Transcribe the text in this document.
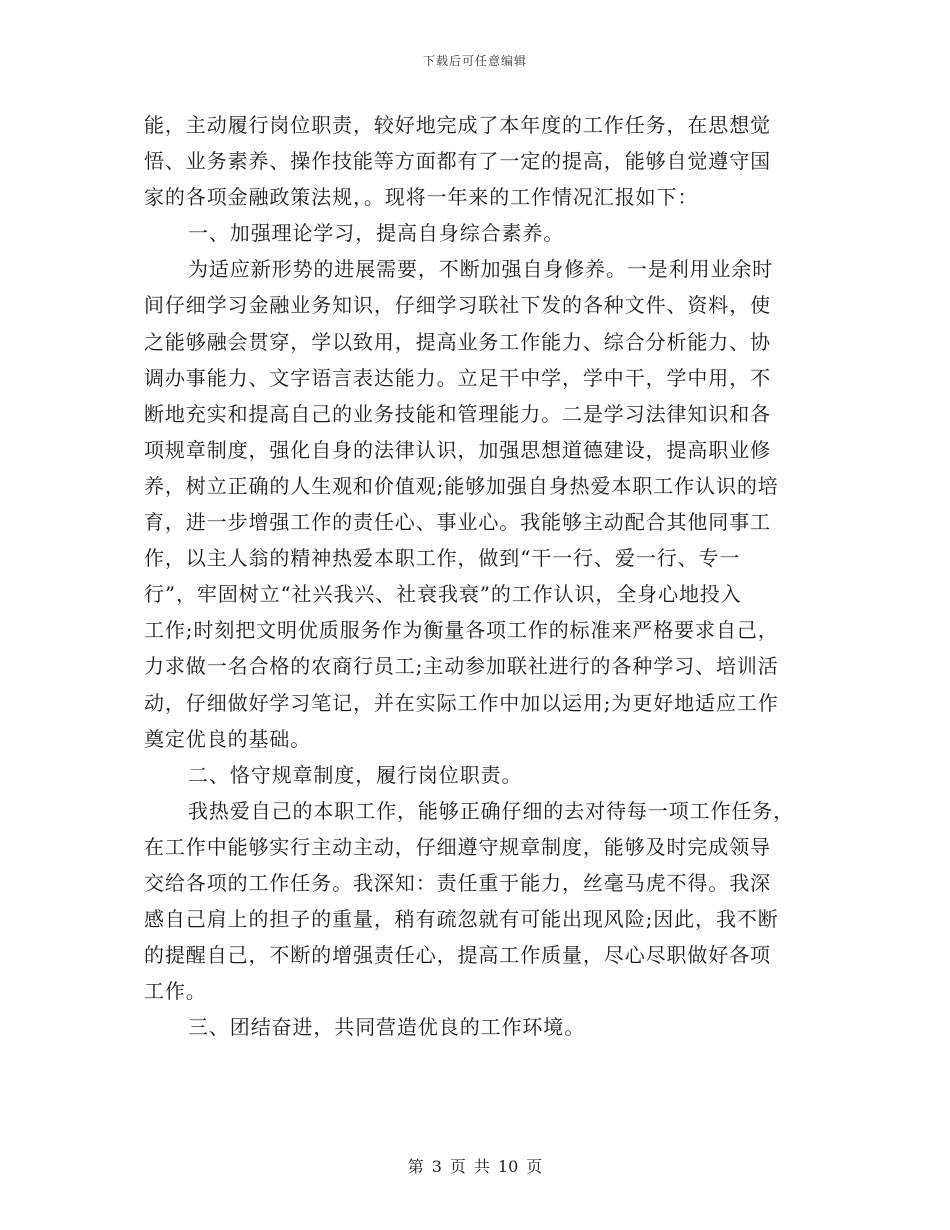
下载后可任意编辑
能，主动履行岗位职责，较好地完成了本年度的工作任务，在思想觉
悟、业务素养、操作技能等方面都有了一定的提高，能够自觉遵守国
家的各项金融政策法规，。现将一年来的工作情况汇报如下：
一、加强理论学习，提高自身综合素养。
为适应新形势的进展需要，不断加强自身修养。一是利用业余时
间仔细学习金融业务知识，仔细学习联社下发的各种文件、资料，使
之能够融会贯穿，学以致用，提高业务工作能力、综合分析能力、协
调办事能力、文字语言表达能力。立足干中学，学中干，学中用，不
断地充实和提高自己的业务技能和管理能力。二是学习法律知识和各
项规章制度，强化自身的法律认识，加强思想道德建设，提高职业修
养，树立正确的人生观和价值观;能够加强自身热爱本职工作认识的培
育，进一步增强工作的责任心、事业心。我能够主动配合其他同事工
作，以主人翁的精神热爱本职工作，做到“干一行、爱一行、专一
行”，牢固树立“社兴我兴、社衰我衰”的工作认识，全身心地投入
工作;时刻把文明优质服务作为衡量各项工作的标准来严格要求自己，
力求做一名合格的农商行员工;主动参加联社进行的各种学习、培训活
动，仔细做好学习笔记，并在实际工作中加以运用;为更好地适应工作
奠定优良的基础。
二、恪守规章制度，履行岗位职责。
我热爱自己的本职工作，能够正确仔细的去对待每一项工作任务，
在工作中能够实行主动主动，仔细遵守规章制度，能够及时完成领导
交给各项的工作任务。我深知：责任重于能力，丝毫马虎不得。我深
感自己肩上的担子的重量，稍有疏忽就有可能出现风险;因此，我不断
的提醒自己，不断的增强责任心，提高工作质量，尽心尽职做好各项
工作。
三、团结奋进，共同营造优良的工作环境。
第 3 页 共 10 页
